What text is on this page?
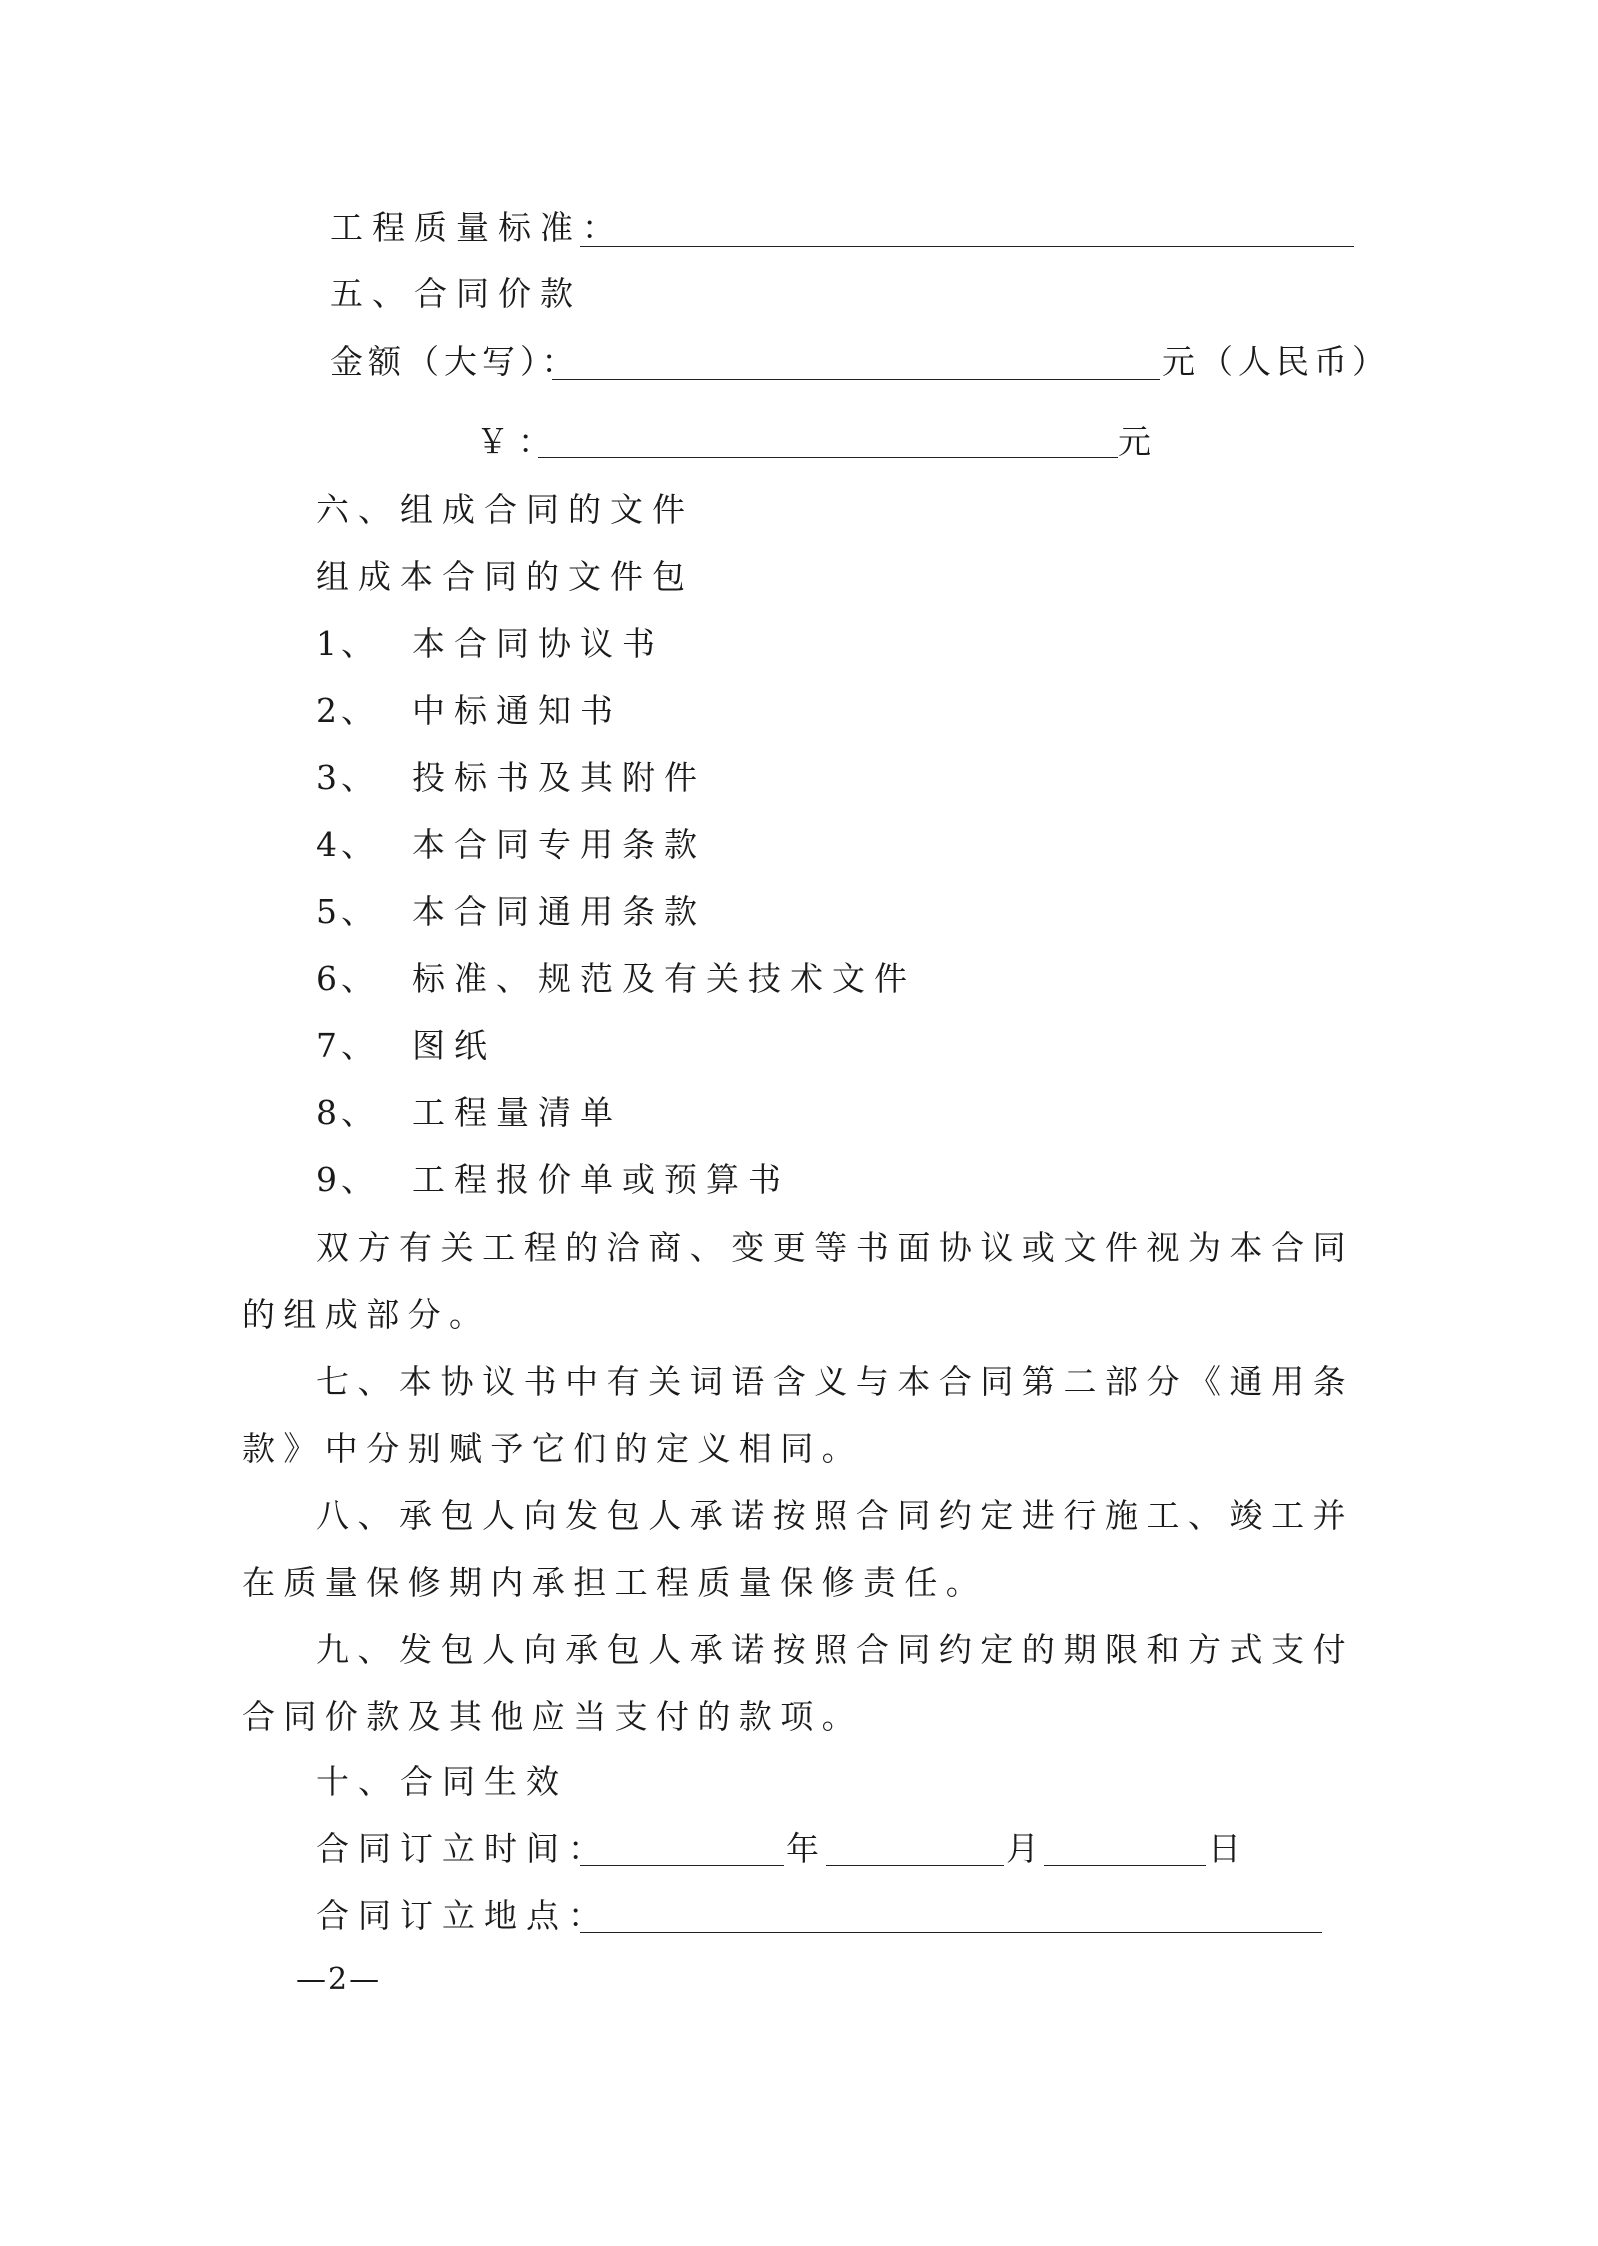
工程质量标准：
五、合同价款
金额（大写）：	元（人民币）
￥：	元
六、组成合同的文件
组成本合同的文件包
1、 本合同协议书
2、 中标通知书
3、 投标书及其附件
4、 本合同专用条款
5、 本合同通用条款
6、 标准、规范及有关技术文件
7、 图纸
8、 工程量清单
9、 工程报价单或预算书

双方有关工程的洽商、变更等书面协议或文件视为本合同的组成部分。

七、本协议书中有关词语含义与本合同第二部分《通用条款》中分别赋予它们的定义相同。

八、承包人向发包人承诺按照合同约定进行施工、竣工并在质量保修期内承担工程质量保修责任。

九、发包人向承包人承诺按照合同约定的期限和方式支付合同价款及其他应当支付的款项。

十、合同生效
合同订立时间：	年	月	日
合同订立地点：
—2—
